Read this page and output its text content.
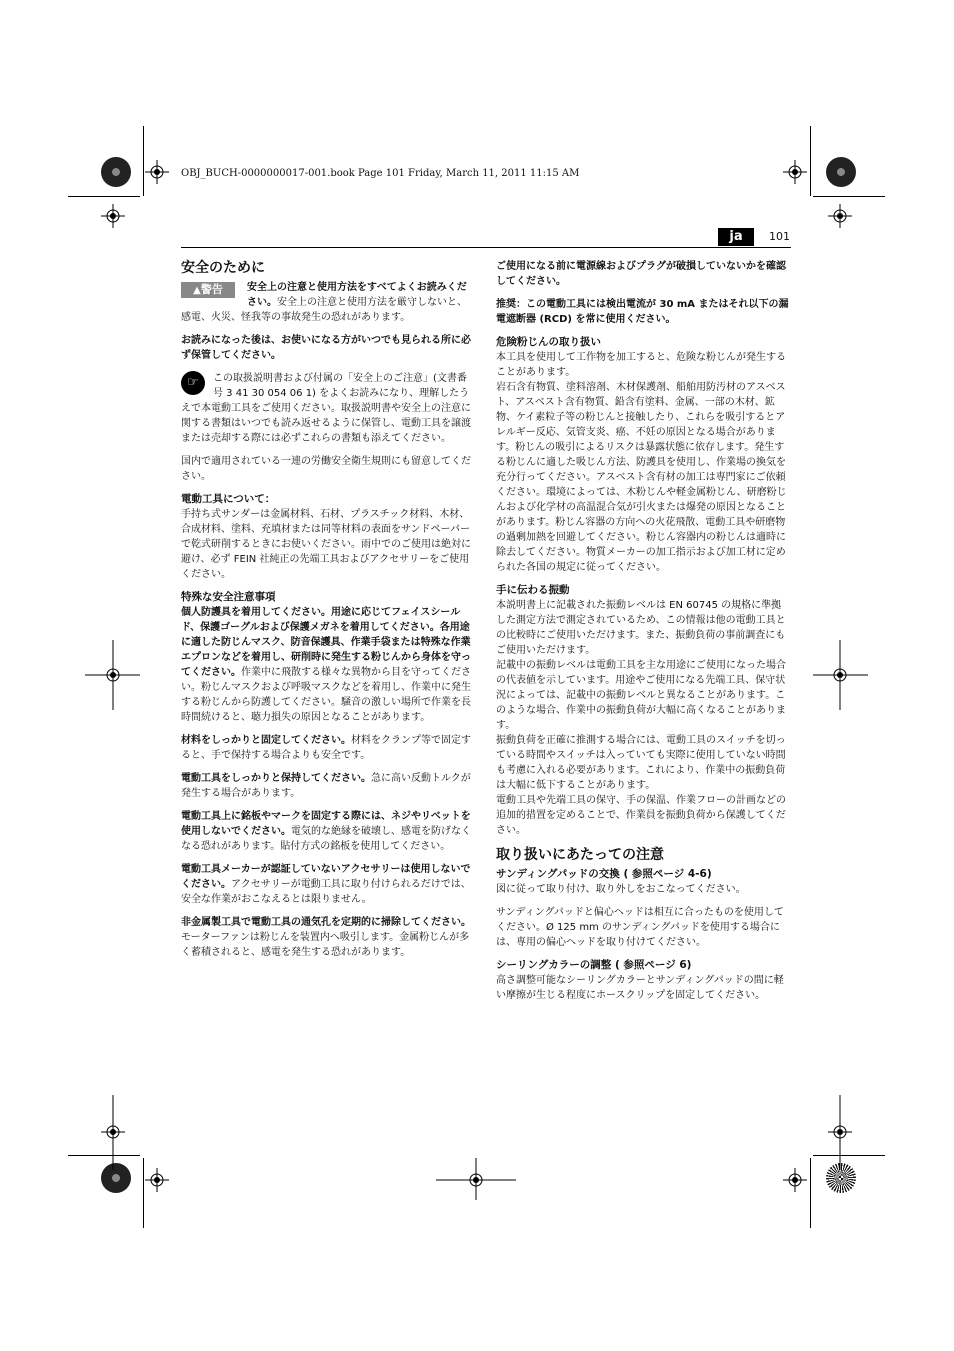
OBJ_BUCH-0000000017-001.book Page 101 Friday, March 11, 2011 11:15 AM
ja	101
安全のために

▲警告	安全上の注意と使用方法をすべてよくお読みください。安全上の注意と使用方法を厳守しないと、感電、火災、怪我等の事故発生の恐れがあります。

お読みになった後は、お使いになる方がいつでも見られる所に必ず保管してください。

☞	この取扱説明書および付属の「安全上のご注意」(文書番号 3 41 30 054 06 1) をよくお読みになり、理解したうえで本電動工具をご使用ください。取扱説明書や安全上の注意に関する書類はいつでも読み返せるように保管し、電動工具を譲渡または売却する際には必ずこれらの書類も添えてください。

国内で適用されている一連の労働安全衛生規則にも留意してください。

電動工具について：

手持ち式サンダーは金属材料、石材、プラスチック材料、木材、合成材料、塗料、充填材または同等材料の表面をサンドペーパーで乾式研削するときにお使いください。雨中でのご使用は絶対に避け、必ず FEIN 社純正の先端工具およびアクセサリーをご使用ください。

特殊な安全注意事項

個人防護具を着用してください。用途に応じてフェイスシールド、保護ゴーグルおよび保護メガネを着用してください。各用途に適した防じんマスク、防音保護具、作業手袋または特殊な作業エプロンなどを着用し、研削時に発生する粉じんから身体を守ってください。作業中に飛散する様々な異物から目を守ってください。粉じんマスクおよび呼吸マスクなどを着用し、作業中に発生する粉じんから防護してください。騒音の激しい場所で作業を長時間続けると、聴力損失の原因となることがあります。

材料をしっかりと固定してください。材料をクランプ等で固定すると、手で保持する場合よりも安全です。

電動工具をしっかりと保持してください。急に高い反動トルクが発生する場合があります。

電動工具上に銘板やマークを固定する際には、ネジやリベットを使用しないでください。電気的な絶縁を破壊し、感電を防げなくなる恐れがあります。貼付方式の銘板を使用してください。

電動工具メーカーが認証していないアクセサリーは使用しないでください。アクセサリーが電動工具に取り付けられるだけでは、安全な作業がおこなえるとは限りません。

非金属製工具で電動工具の通気孔を定期的に掃除してください。モーターファンは粉じんを装置内へ吸引します。金属粉じんが多く蓄積されると、感電を発生する恐れがあります。

ご使用になる前に電源線およびプラグが破損していないかを確認してください。

推奨：この電動工具には検出電流が 30 mA またはそれ以下の漏電遮断器 (RCD) を常に使用ください。

危険粉じんの取り扱い

本工具を使用して工作物を加工すると、危険な粉じんが発生することがあります。

岩石含有物質、塗料溶剤、木材保護剤、船舶用防汚材のアスベスト、アスベスト含有物質、鉛含有塗料、金属、一部の木材、鉱物、ケイ素粒子等の粉じんと接触したり、これらを吸引するとアレルギー反応、気管支炎、癌、不妊の原因となる場合があります。粉じんの吸引によるリスクは暴露状態に依存します。発生する粉じんに適した吸じん方法、防護具を使用し、作業場の換気を充分行ってください。アスベスト含有材の加工は専門家にご依頼ください。環境によっては、木粉じんや軽金属粉じん、研磨粉じんおよび化学材の高温混合気が引火または爆発の原因となることがあります。粉じん容器の方向への火花飛散、電動工具や研磨物の過剰加熱を回避してください。粉じん容器内の粉じんは適時に除去してください。物質メーカーの加工指示および加工材に定められた各国の規定に従ってください。

手に伝わる振動

本説明書上に記載された振動レベルは EN 60745 の規格に準拠した測定方法で測定されているため、この情報は他の電動工具との比較時にご使用いただけます。また、振動負荷の事前調査にもご使用いただけます。

記載中の振動レベルは電動工具を主な用途にご使用になった場合の代表値を示しています。用途やご使用になる先端工具、保守状況によっては、記載中の振動レベルと異なることがあります。このような場合、作業中の振動負荷が大幅に高くなることがあります。

振動負荷を正確に推測する場合には、電動工具のスイッチを切っている時間やスイッチは入っていても実際に使用していない時間も考慮に入れる必要があります。これにより、作業中の振動負荷は大幅に低下することがあります。

電動工具や先端工具の保守、手の保温、作業フローの計画などの追加的措置を定めることで、作業員を振動負荷から保護してください。

取り扱いにあたっての注意
サンディングパッドの交換 ( 参照ページ 4-6)

図に従って取り付け、取り外しをおこなってください。

サンディングパッドと偏心ヘッドは相互に合ったものを使用してください。Ø 125 mm のサンディングパッドを使用する場合には、専用の偏心ヘッドを取り付けてください。

シーリングカラーの調整 ( 参照ページ 6)

高さ調整可能なシーリングカラーとサンディングパッドの間に軽い摩擦が生じる程度にホースクリップを固定してください。
